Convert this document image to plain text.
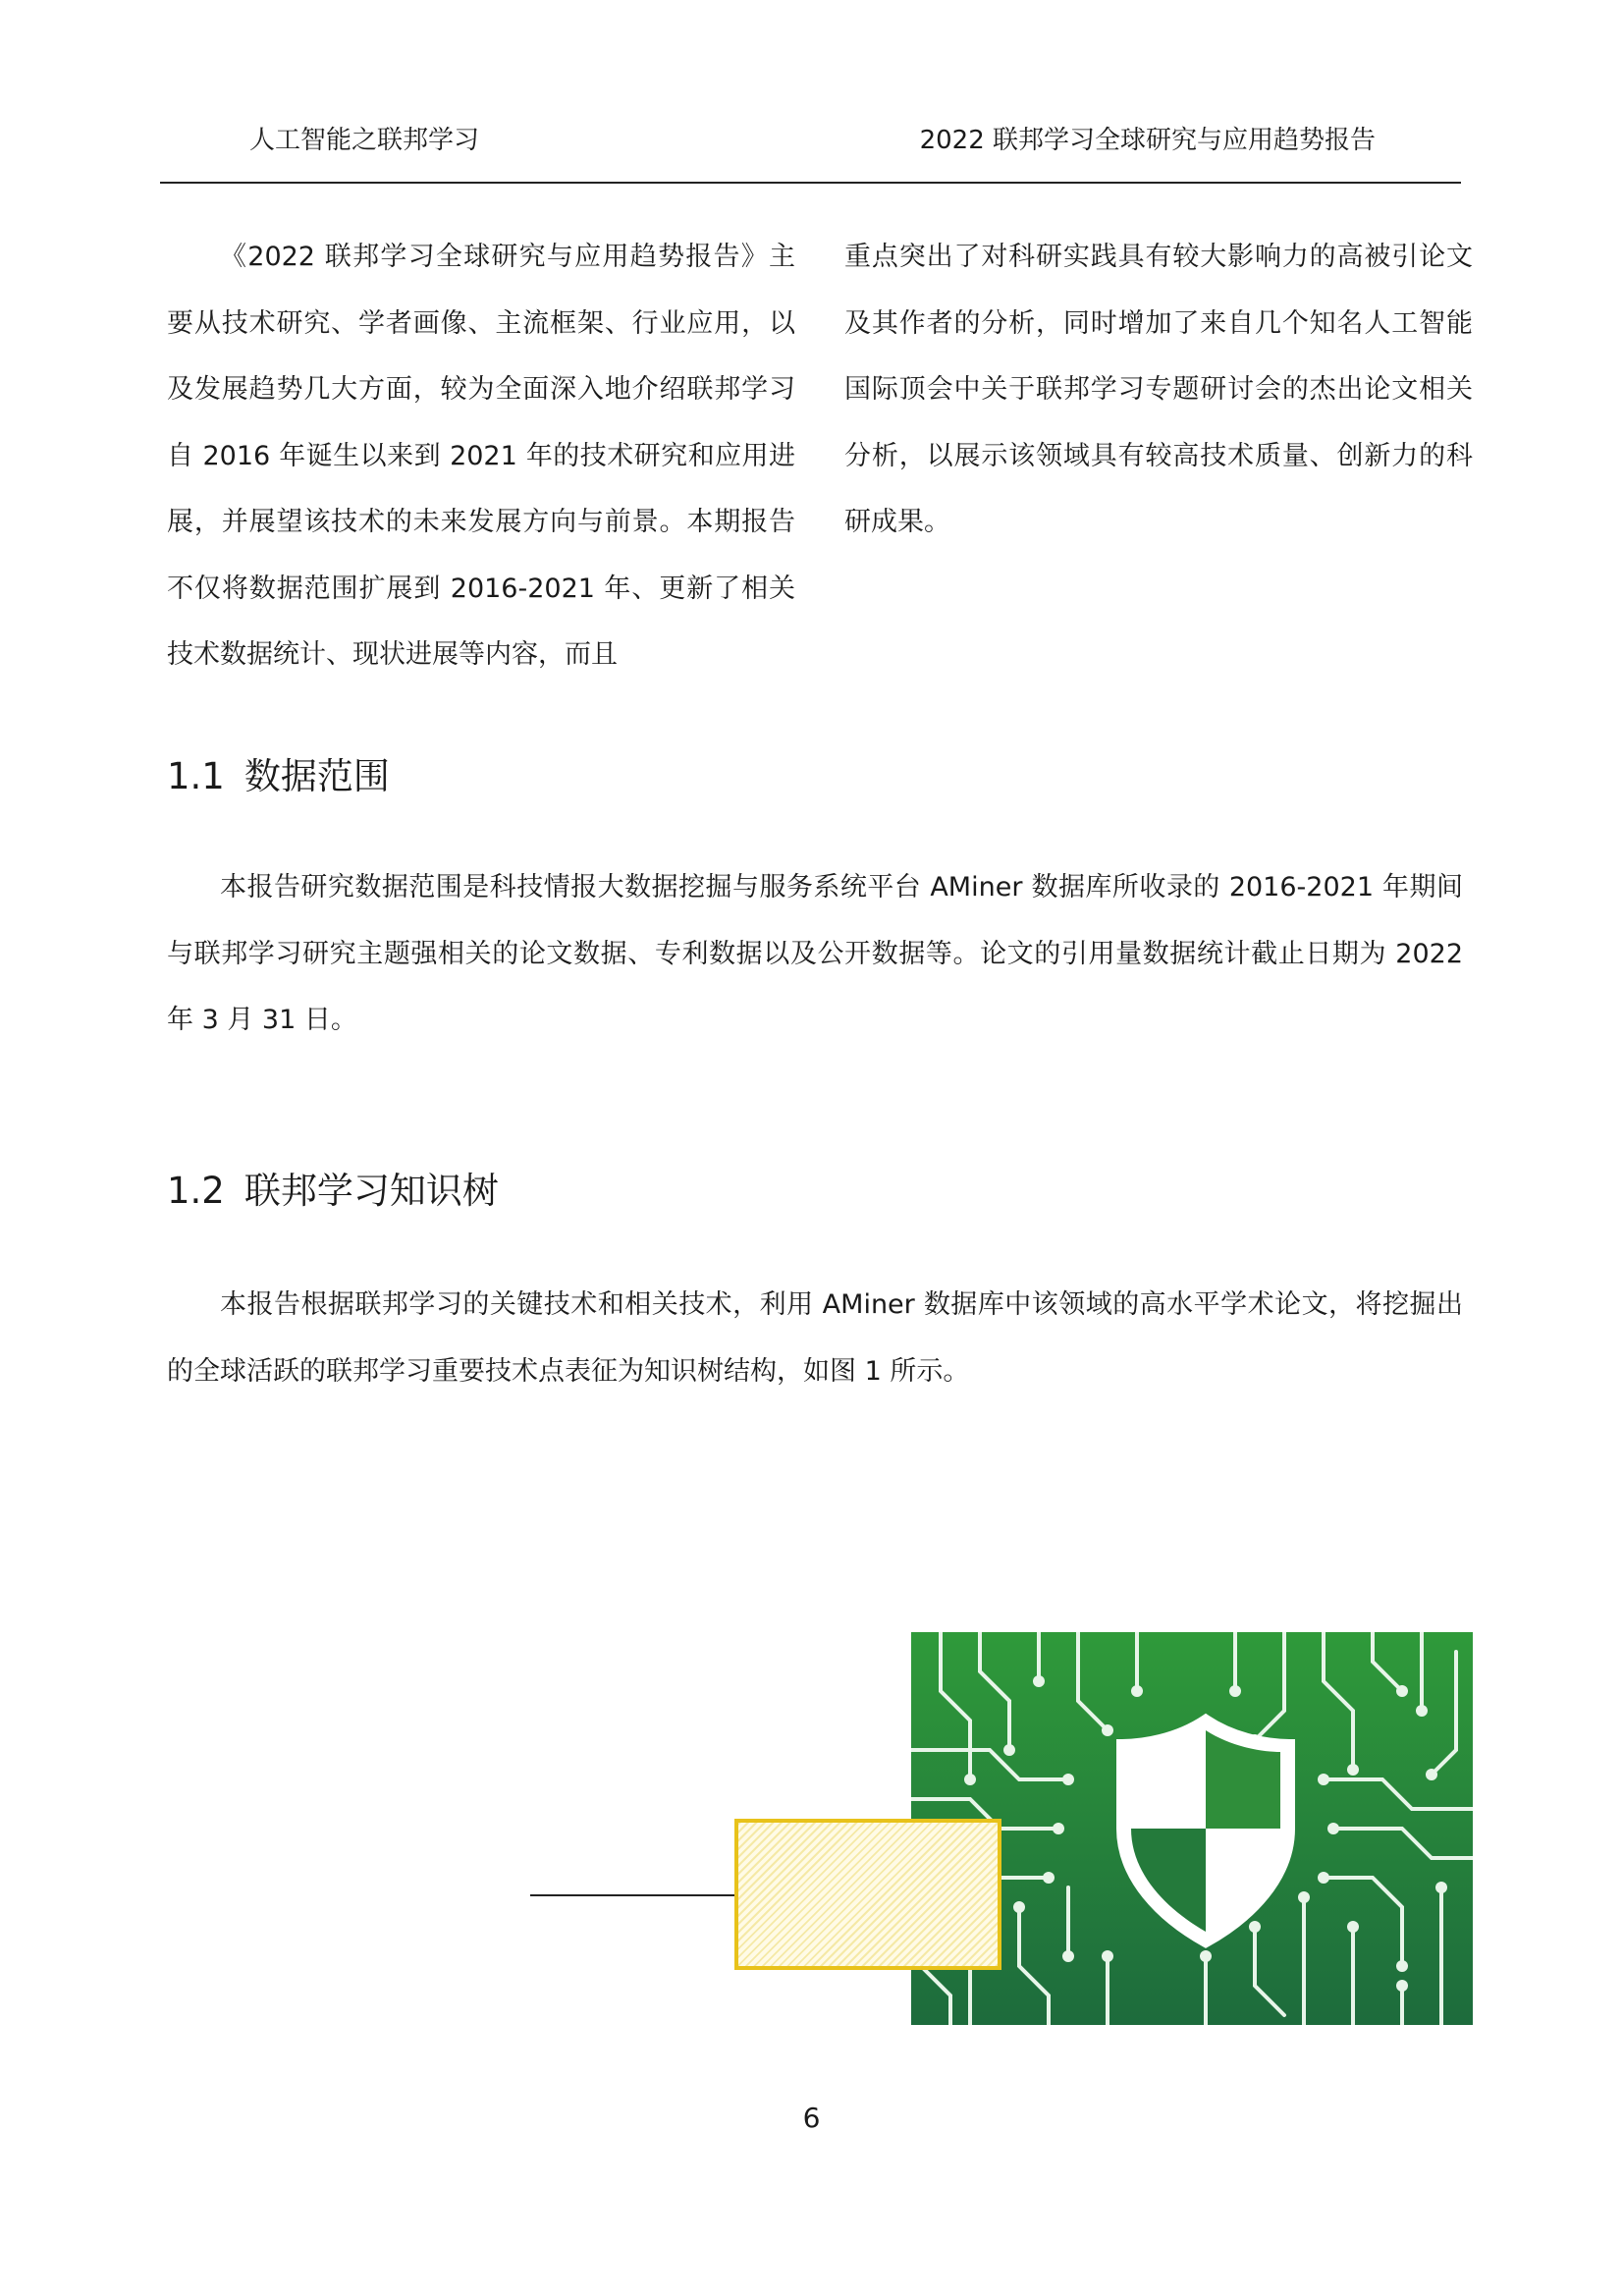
人工智能之联邦学习	2022 联邦学习全球研究与应用趋势报告

《2022 联邦学习全球研究与应用趋势报告》主要从技术研究、学者画像、主流框架、行业应用，以及发展趋势几大方面，较为全面深入地介绍联邦学习自 2016 年诞生以来到 2021 年的技术研究和应用进展，并展望该技术的未来发展方向与前景。本期报告不仅将数据范围扩展到 2016-2021 年、更新了相关技术数据统计、现状进展等内容，而且

重点突出了对科研实践具有较大影响力的高被引论文及其作者的分析，同时增加了来自几个知名人工智能国际顶会中关于联邦学习专题研讨会的杰出论文相关分析，以展示该领域具有较高技术质量、创新力的科研成果。

1.1 数据范围

本报告研究数据范围是科技情报大数据挖掘与服务系统平台 AMiner 数据库所收录的 2016-2021 年期间与联邦学习研究主题强相关的论文数据、专利数据以及公开数据等。论文的引用量数据统计截止日期为 2022 年 3 月 31 日。

1.2 联邦学习知识树

本报告根据联邦学习的关键技术和相关技术，利用 AMiner 数据库中该领域的高水平学术论文，将挖掘出的全球活跃的联邦学习重要技术点表征为知识树结构，如图 1 所示。

6
